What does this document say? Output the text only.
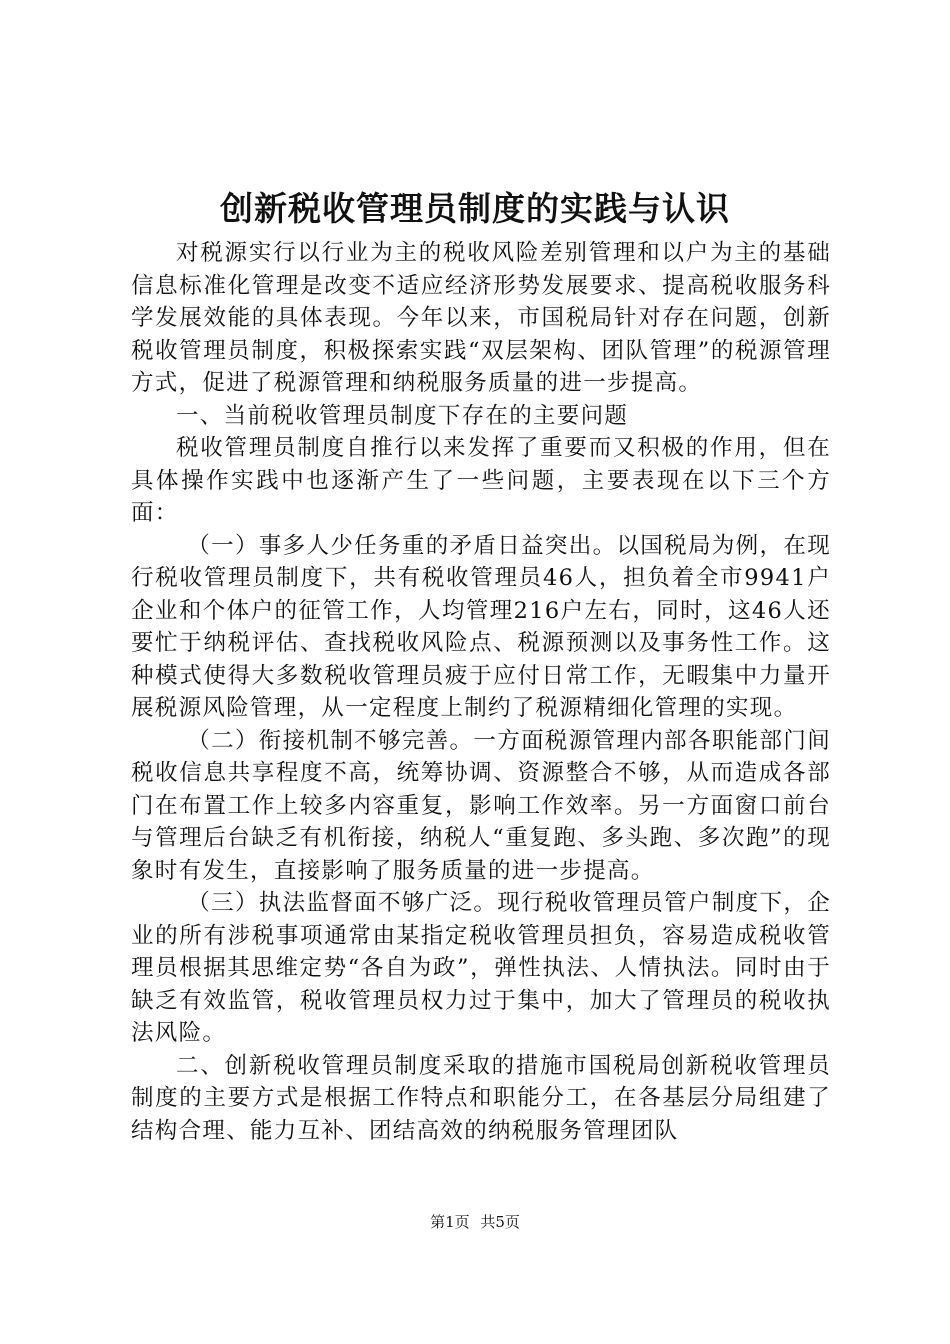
创新税收管理员制度的实践与认识

对税源实行以行业为主的税收风险差别管理和以户为主的基础信息标准化管理是改变不适应经济形势发展要求、提高税收服务科学发展效能的具体表现。今年以来，市国税局针对存在问题，创新税收管理员制度，积极探索实践“双层架构、团队管理”的税源管理方式，促进了税源管理和纳税服务质量的进一步提高。

一、当前税收管理员制度下存在的主要问题

税收管理员制度自推行以来发挥了重要而又积极的作用，但在具体操作实践中也逐渐产生了一些问题，主要表现在以下三个方面：

（一）事多人少任务重的矛盾日益突出。以国税局为例，在现行税收管理员制度下，共有税收管理员46人，担负着全市9941户企业和个体户的征管工作，人均管理216户左右，同时，这46人还要忙于纳税评估、查找税收风险点、税源预测以及事务性工作。这种模式使得大多数税收管理员疲于应付日常工作，无暇集中力量开展税源风险管理，从一定程度上制约了税源精细化管理的实现。

（二）衔接机制不够完善。一方面税源管理内部各职能部门间税收信息共享程度不高，统筹协调、资源整合不够，从而造成各部门在布置工作上较多内容重复，影响工作效率。另一方面窗口前台与管理后台缺乏有机衔接，纳税人“重复跑、多头跑、多次跑”的现象时有发生，直接影响了服务质量的进一步提高。

（三）执法监督面不够广泛。现行税收管理员管户制度下，企业的所有涉税事项通常由某指定税收管理员担负，容易造成税收管理员根据其思维定势“各自为政”，弹性执法、人情执法。同时由于缺乏有效监管，税收管理员权力过于集中，加大了管理员的税收执法风险。

二、创新税收管理员制度采取的措施市国税局创新税收管理员制度的主要方式是根据工作特点和职能分工，在各基层分局组建了结构合理、能力互补、团结高效的纳税服务管理团队

第1页 共5页
